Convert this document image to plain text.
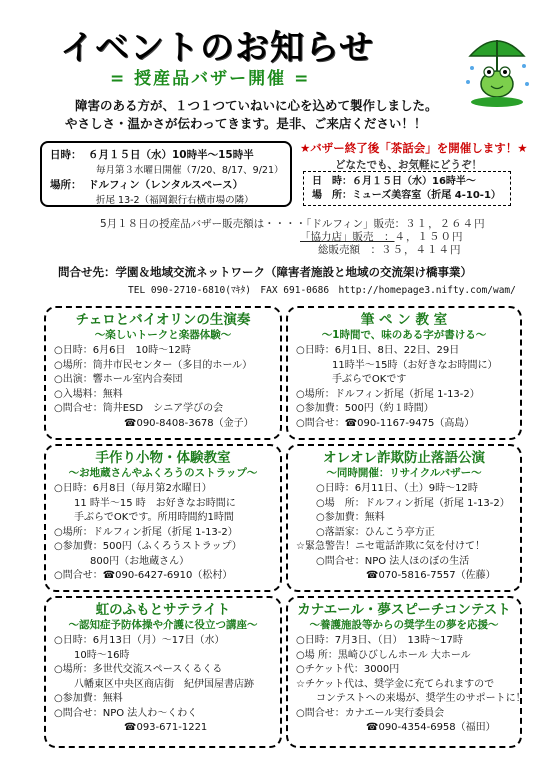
イベントのお知らせ
= 授産品バザー開催 =
障害のある方が、１つ１つていねいに心を込めて製作しました。
やさしさ・温かさが伝わってきます。是非、ご来店ください！！
日時： ６月１５日（水）10時半〜15時半
毎月第３水曜日開催（7/20、8/17、9/21）
場所： ドルフィン（レンタルスペース）
折尾 13-2（福岡銀行右横市場の隣）
★バザー終了後「茶話会」を開催します！★
どなたでも、お気軽にどうぞ！
日　時：６月１５日（水）16時半〜
場　所：ミューズ美容室（折尾 4-10-1）
5月１８日の授産品バザー販売額は・・・・「ドルフィン」販売：３１，２６４円
「協力店」販売　：４，１５０円
総販売額　：３５，４１４円
問合せ先：学園＆地域交流ネットワーク（障害者施設と地域の交流架け橋事業）
TEL 090-2710-6810(ﾏｷﾀ)　FAX 691-0686　http://homepage3.nifty.com/wam/
チェロとバイオリンの生演奏
〜楽しいトークと楽器体験〜
○日時：6月6日　10時〜12時
○場所：筒井市民センター（多目的ホール）
○出演：響ホール室内合奏団
○入場料：無料
○問合せ：筒井ESD　シニア学びの会
☎090-8408-3678（金子）
筆 ペ ン 教 室
〜1時間で、味のある字が書ける〜
○日時：6月1日、8日、22日、29日
11時半〜15時（お好きなお時間に）
手ぶらでOKです
○場所：ドルフィン折尾（折尾 1-13-2）
○参加費：500円（約１時間）
○問合せ：☎090-1167-9475（高島）
手作り小物・体験教室
〜お地蔵さんやふくろうのストラップ〜
○日時：6月8日（毎月第2水曜日）
11 時半〜15 時　お好きなお時間に
手ぶらでOKです。所用時間約1時間
○場所：ドルフィン折尾（折尾 1-13-2）
○参加費：500円（ふくろうストラップ）
800円（お地蔵さん）
○問合せ：☎090-6427-6910（松村）
オレオレ詐欺防止落語公演
〜同時開催：リサイクルバザー〜
○日時：6月11日、（土）9時〜12時
○場　所：ドルフィン折尾（折尾 1-13-2）
○参加費：無料
○落語家：ひんこう亭方正
☆緊急警告！ニセ電話詐欺に気を付けて！
○問合せ：NPO 法人ほのぼの生活
☎070-5816-7557（佐藤）
虹のふもとサテライト
〜認知症予防体操や介護に役立つ講座〜
○日時：6月13日（月）〜17日（水）
10時〜16時
○場所：多世代交流スペースくるくる
八幡東区中央区商店街　紀伊国屋書店跡
○参加費：無料
○問合せ：NPO 法人わ〜くわく
☎093-671-1221
カナエール・夢スピーチコンテスト
〜養護施設等からの奨学生の夢を応援〜
○日時：7月3日、（日）　13時〜17時
○場 所：黒崎ひびしんホール 大ホール
○チケット代：3000円
☆チケット代は、奨学金に充てられますので
コンテストへの来場が、奨学生のサポートに！
○問合せ：カナエール実行委員会
☎090-4354-6958（福田）
